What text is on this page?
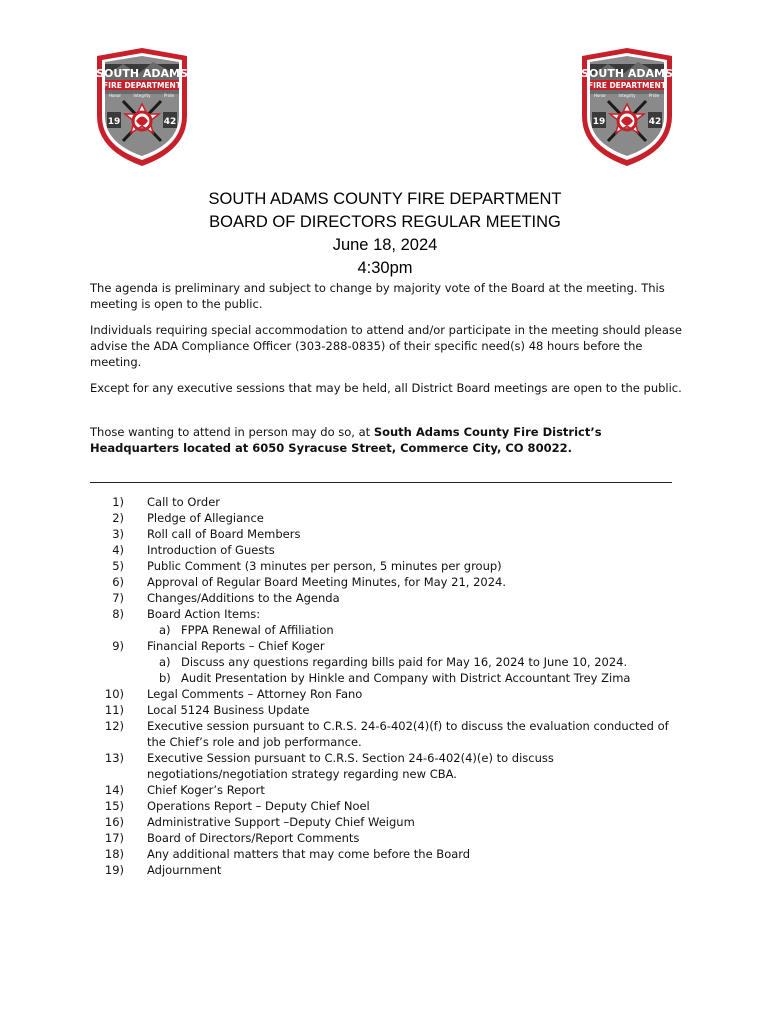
SOUTH ADAMS
FIRE DEPARTMENT
Honor	Integrity	Pride
19	42
SOUTH ADAMS
FIRE DEPARTMENT
Honor	Integrity	Pride
19	42
SOUTH ADAMS COUNTY FIRE DEPARTMENT
BOARD OF DIRECTORS REGULAR MEETING
June 18, 2024
4:30pm
The agenda is preliminary and subject to change by majority vote of the Board at the meeting. This meeting is open to the public.
Individuals requiring special accommodation to attend and/or participate in the meeting should please advise the ADA Compliance Officer (303-288-0835) of their specific need(s) 48 hours before the meeting.
Except for any executive sessions that may be held, all District Board meetings are open to the public.
Those wanting to attend in person may do so, at South Adams County Fire District’s Headquarters located at 6050 Syracuse Street, Commerce City, CO 80022.
1) Call to Order
2) Pledge of Allegiance
3) Roll call of Board Members
4) Introduction of Guests
5) Public Comment (3 minutes per person, 5 minutes per group)
6) Approval of Regular Board Meeting Minutes, for May 21, 2024.
7) Changes/Additions to the Agenda
8) Board Action Items:
a) FPPA Renewal of Affiliation
9) Financial Reports – Chief Koger
a) Discuss any questions regarding bills paid for May 16, 2024 to June 10, 2024.
b) Audit Presentation by Hinkle and Company with District Accountant Trey Zima
10) Legal Comments – Attorney Ron Fano
11) Local 5124 Business Update
12) Executive session pursuant to C.R.S. 24-6-402(4)(f) to discuss the evaluation conducted of the Chief’s role and job performance.
13) Executive Session pursuant to C.R.S. Section 24-6-402(4)(e) to discuss negotiations/negotiation strategy regarding new CBA.
14) Chief Koger’s Report
15) Operations Report – Deputy Chief Noel
16) Administrative Support –Deputy Chief Weigum
17) Board of Directors/Report Comments
18) Any additional matters that may come before the Board
19) Adjournment
